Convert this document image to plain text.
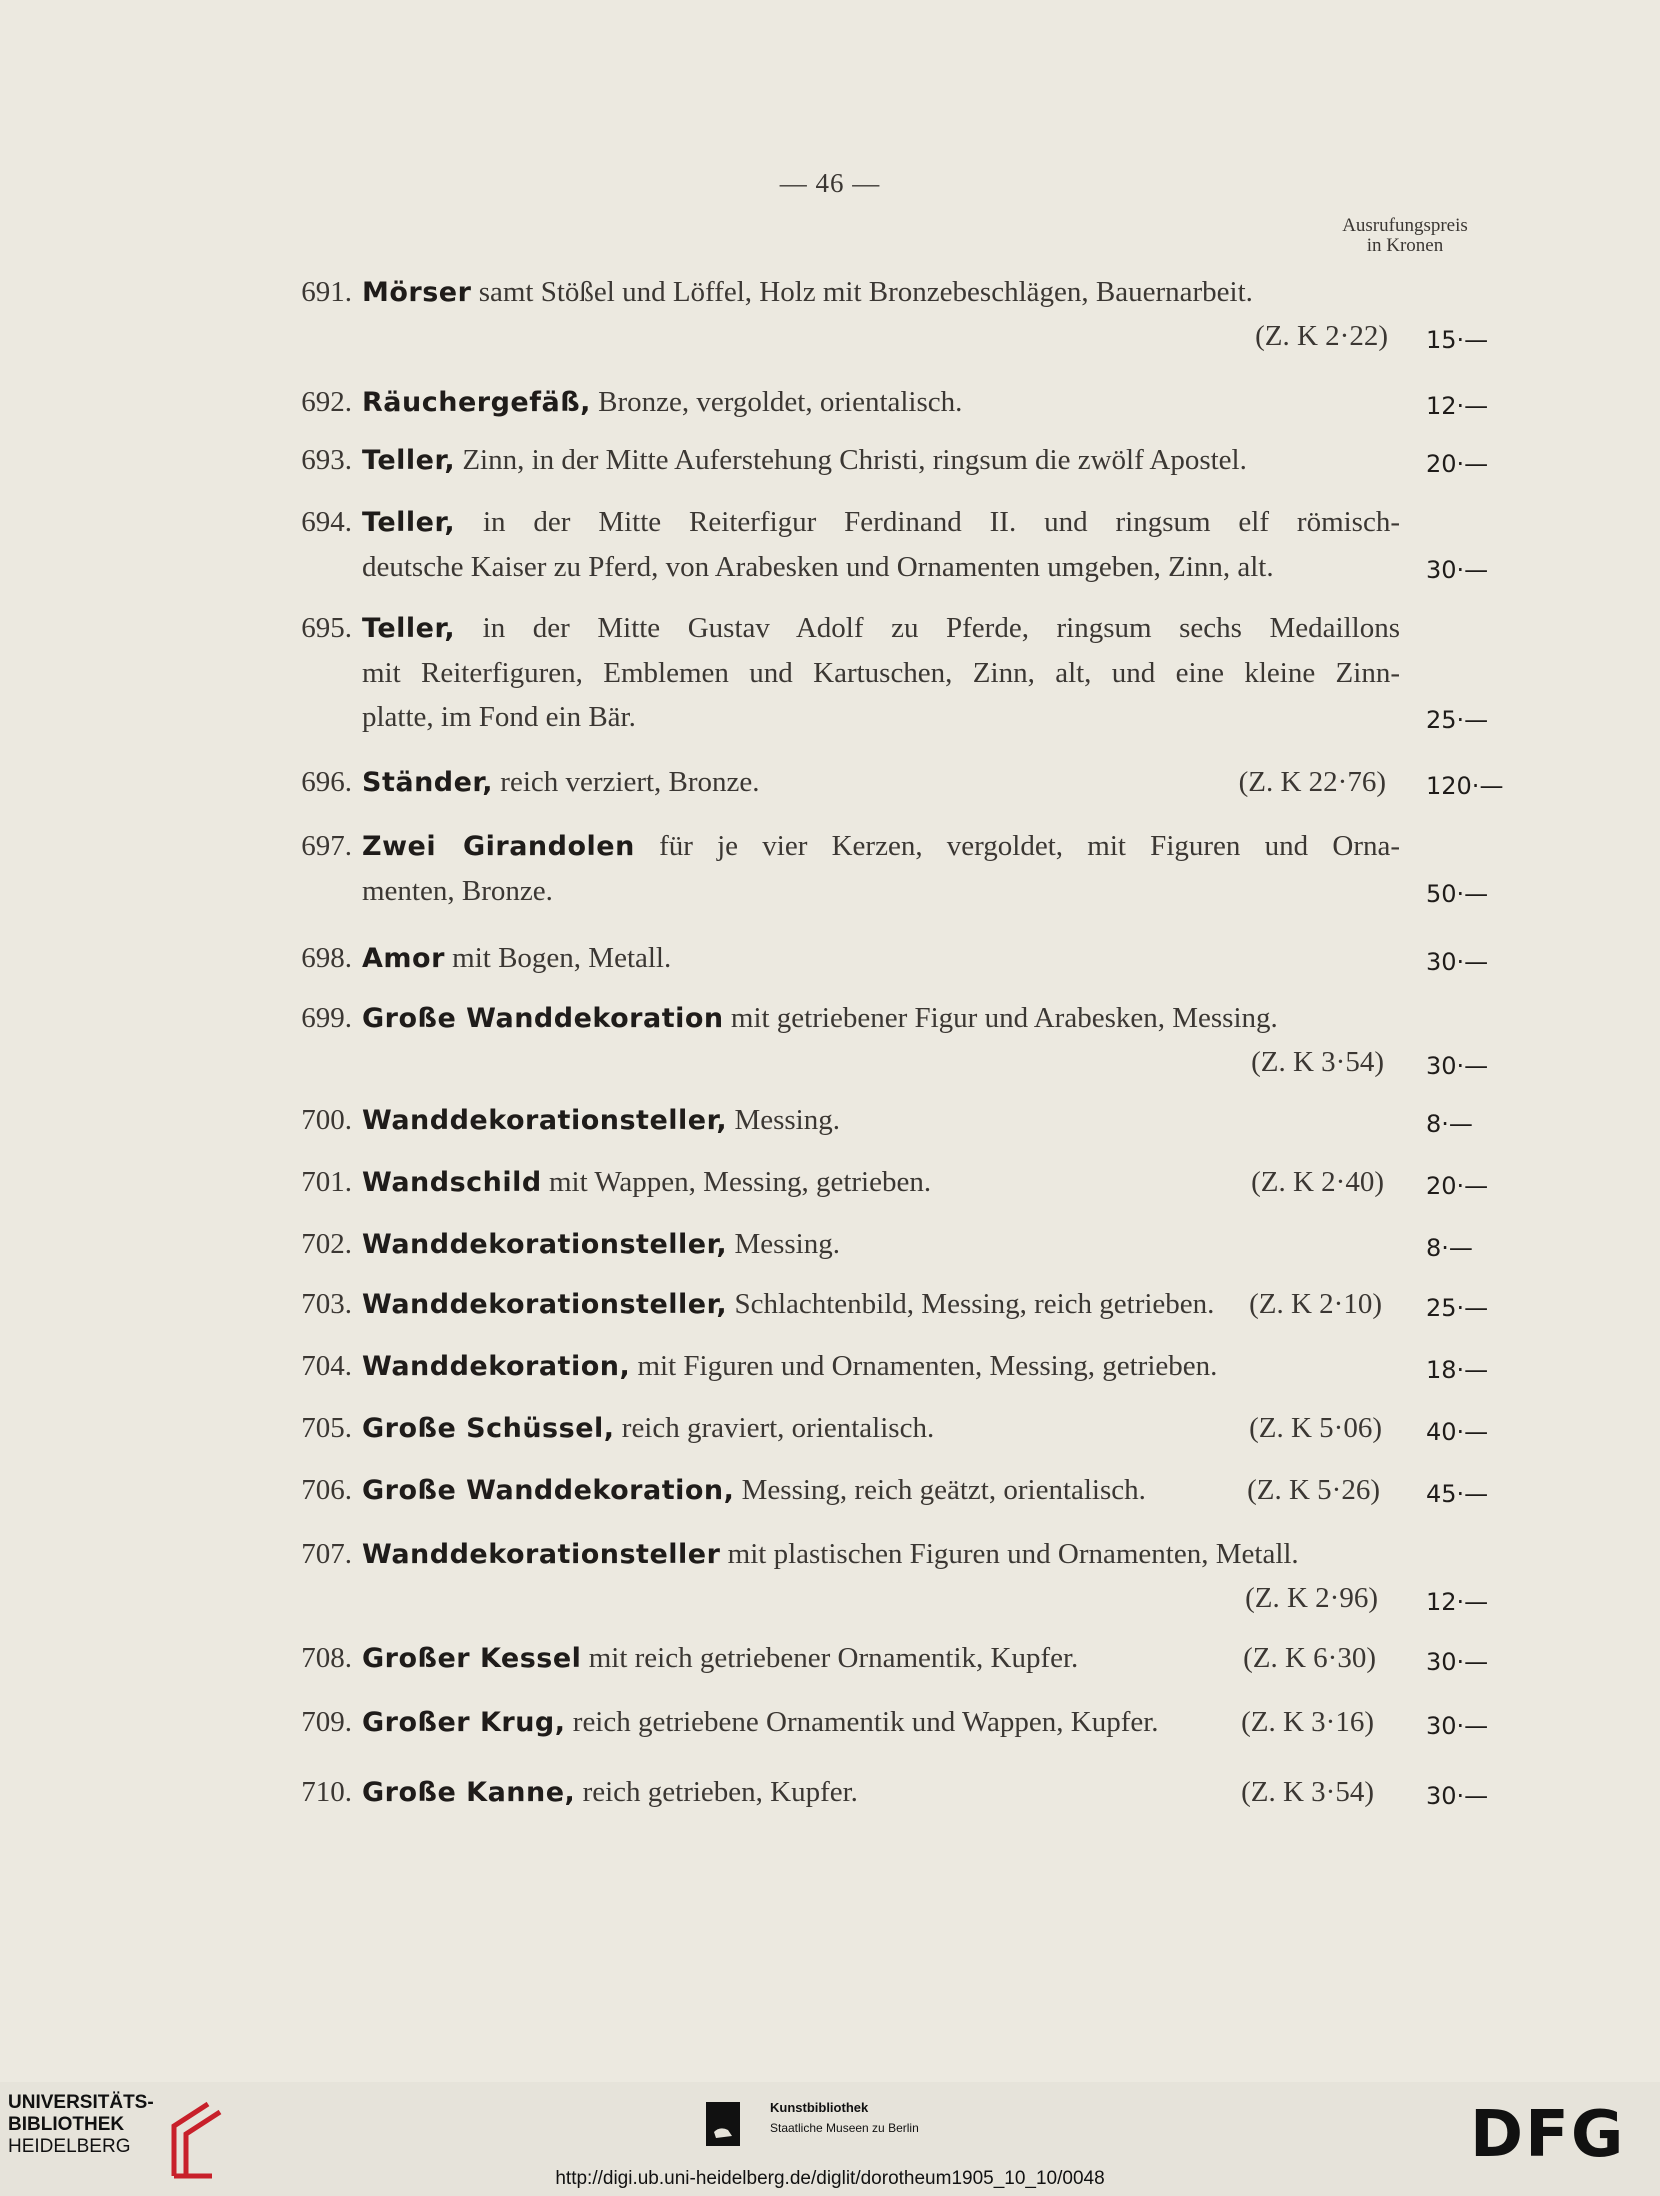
— 46 —
Ausrufungspreis
in Kronen
691. Mörser samt Stößel und Löffel, Holz mit Bronzebeschlägen, Bauernarbeit.
(Z. K 2·22) 15·—
692. Räuchergefäß, Bronze, vergoldet, orientalisch.	12·—
693. Teller, Zinn, in der Mitte Auferstehung Christi, ringsum die zwölf Apostel.	20·—
694. Teller, in der Mitte Reiterfigur Ferdinand II. und ringsum elf römisch-
deutsche Kaiser zu Pferd, von Arabesken und Ornamenten umgeben, Zinn, alt.	30·—
695. Teller, in der Mitte Gustav Adolf zu Pferde, ringsum sechs Medaillons
mit Reiterfiguren, Emblemen und Kartuschen, Zinn, alt, und eine kleine Zinn-
platte, im Fond ein Bär.	25·—
696. Ständer, reich verziert, Bronze.	(Z. K 22·76) 120·—
697. Zwei Girandolen für je vier Kerzen, vergoldet, mit Figuren und Orna-
menten, Bronze.	50·—
698. Amor mit Bogen, Metall.	30·—
699. Große Wanddekoration mit getriebener Figur und Arabesken, Messing.
(Z. K 3·54) 30·—
700. Wanddekorationsteller, Messing.	8·—
701. Wandschild mit Wappen, Messing, getrieben.	(Z. K 2·40) 20·—
702. Wanddekorationsteller, Messing.	8·—
703. Wanddekorationsteller, Schlachtenbild, Messing, reich getrieben.	(Z. K 2·10) 25·—
704. Wanddekoration, mit Figuren und Ornamenten, Messing, getrieben.	18·—
705. Große Schüssel, reich graviert, orientalisch.	(Z. K 5·06) 40·—
706. Große Wanddekoration, Messing, reich geätzt, orientalisch.	(Z. K 5·26) 45·—
707. Wanddekorationsteller mit plastischen Figuren und Ornamenten, Metall.
(Z. K 2·96) 12·—
708. Großer Kessel mit reich getriebener Ornamentik, Kupfer.	(Z. K 6·30) 30·—
709. Großer Krug, reich getriebene Ornamentik und Wappen, Kupfer.	(Z. K 3·16) 30·—
710. Große Kanne, reich getrieben, Kupfer.	(Z. K 3·54) 30·—
UNIVERSITÄTS-
BIBLIOTHEK
HEIDELBERG
Kunstbibliothek
Staatliche Museen zu Berlin	DFG
http://digi.ub.uni-heidelberg.de/diglit/dorotheum1905_10_10/0048
